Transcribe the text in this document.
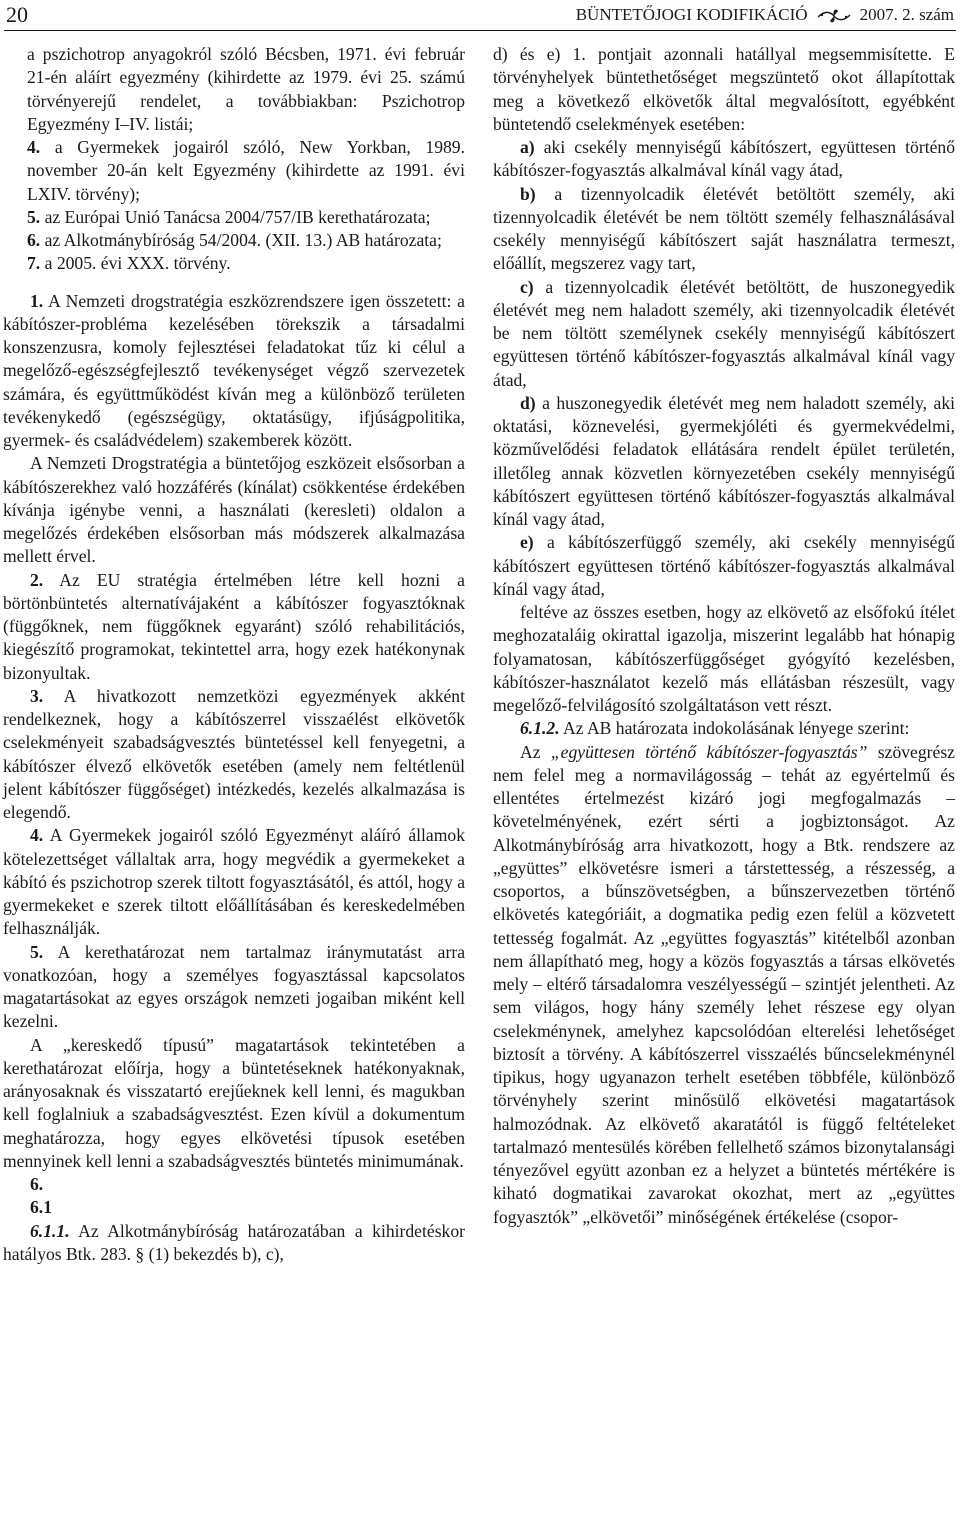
20	BÜNTETŐJOGI KODIFIKÁCIÓ	2007. 2. szám

a pszichotrop anyagokról szóló Bécsben, 1971. évi február 21-én aláírt egyezmény (kihirdette az 1979. évi 25. számú törvényerejű rendelet, a továbbiakban: Pszichotrop Egyezmény I–IV. listái;

4. a Gyermekek jogairól szóló, New Yorkban, 1989. november 20-án kelt Egyezmény (kihirdette az 1991. évi LXIV. törvény);

5. az Európai Unió Tanácsa 2004/757/IB kerethatározata;

6. az Alkotmánybíróság 54/2004. (XII. 13.) AB határozata;

7. a 2005. évi XXX. törvény.

1. A Nemzeti drogstratégia eszközrendszere igen összetett: a kábítószer-probléma kezelésében törekszik a társadalmi konszenzusra, komoly fejlesztései feladatokat tűz ki célul a megelőző-egészségfejlesztő tevékenységet végző szervezetek számára, és együttműködést kíván meg a különböző területen tevékenykedő (egészségügy, oktatásügy, ifjúságpolitika, gyermek- és családvédelem) szakemberek között.

A Nemzeti Drogstratégia a büntetőjog eszközeit elsősorban a kábítószerekhez való hozzáférés (kínálat) csökkentése érdekében kívánja igénybe venni, a használati (keresleti) oldalon a megelőzés érdekében elsősorban más módszerek alkalmazása mellett érvel.

2. Az EU stratégia értelmében létre kell hozni a börtönbüntetés alternatívájaként a kábítószer fogyasztóknak (függőknek, nem függőknek egyaránt) szóló rehabilitációs, kiegészítő programokat, tekintettel arra, hogy ezek hatékonynak bizonyultak.

3. A hivatkozott nemzetközi egyezmények akként rendelkeznek, hogy a kábítószerrel visszaélést elkövetők cselekményeit szabadságvesztés büntetéssel kell fenyegetni, a kábítószer élvező elkövetők esetében (amely nem feltétlenül jelent kábítószer függőséget) intézkedés, kezelés alkalmazása is elegendő.

4. A Gyermekek jogairól szóló Egyezményt aláíró államok kötelezettséget vállaltak arra, hogy megvédik a gyermekeket a kábító és pszichotrop szerek tiltott fogyasztásától, és attól, hogy a gyermekeket e szerek tiltott előállításában és kereskedelmében felhasználják.

5. A kerethatározat nem tartalmaz iránymutatást arra vonatkozóan, hogy a személyes fogyasztással kapcsolatos magatartásokat az egyes országok nemzeti jogaiban miként kell kezelni.

A „kereskedő típusú” magatartások tekintetében a kerethatározat előírja, hogy a büntetéseknek hatékonyaknak, arányosaknak és visszatartó erejűeknek kell lenni, és magukban kell foglalniuk a szabadságvesztést. Ezen kívül a dokumentum meghatározza, hogy egyes elkövetési típusok esetében mennyinek kell lenni a szabadságvesztés büntetés minimumának.

6.

6.1

6.1.1. Az Alkotmánybíróság határozatában a kihirdetéskor hatályos Btk. 283. § (1) bekezdés b), c),

d) és e) 1. pontjait azonnali hatállyal megsemmisítette. E törvényhelyek büntethetőséget megszüntető okot állapítottak meg a következő elkövetők által megvalósított, egyébként büntetendő cselekmények esetében:

a) aki csekély mennyiségű kábítószert, együttesen történő kábítószer-fogyasztás alkalmával kínál vagy átad,

b) a tizennyolcadik életévét betöltött személy, aki tizennyolcadik életévét be nem töltött személy felhasználásával csekély mennyiségű kábítószert saját használatra termeszt, előállít, megszerez vagy tart,

c) a tizennyolcadik életévét betöltött, de huszonegyedik életévét meg nem haladott személy, aki tizennyolcadik életévét be nem töltött személynek csekély mennyiségű kábítószert együttesen történő kábítószer-fogyasztás alkalmával kínál vagy átad,

d) a huszonegyedik életévét meg nem haladott személy, aki oktatási, köznevelési, gyermekjóléti és gyermekvédelmi, közművelődési feladatok ellátására rendelt épület területén, illetőleg annak közvetlen környezetében csekély mennyiségű kábítószert együttesen történő kábítószer-fogyasztás alkalmával kínál vagy átad,

e) a kábítószerfüggő személy, aki csekély mennyiségű kábítószert együttesen történő kábítószer-fogyasztás alkalmával kínál vagy átad,

feltéve az összes esetben, hogy az elkövető az elsőfokú ítélet meghozataláig okirattal igazolja, miszerint legalább hat hónapig folyamatosan, kábítószerfüggőséget gyógyító kezelésben, kábítószer-használatot kezelő más ellátásban részesült, vagy megelőző-felvilágosító szolgáltatáson vett részt.

6.1.2. Az AB határozata indokolásának lényege szerint:

Az „együttesen történő kábítószer-fogyasztás” szövegrész nem felel meg a normavilágosság – tehát az egyértelmű és ellentétes értelmezést kizáró jogi megfogalmazás – követelményének, ezért sérti a jogbiztonságot. Az Alkotmánybíróság arra hivatkozott, hogy a Btk. rendszere az „együttes” elkövetésre ismeri a társtettesség, a részesség, a csoportos, a bűnszövetségben, a bűnszervezetben történő elkövetés kategóriáit, a dogmatika pedig ezen felül a közvetett tettesség fogalmát. Az „együttes fogyasztás” kitételből azonban nem állapítható meg, hogy a közös fogyasztás a társas elkövetés mely – eltérő társadalomra veszélyességű – szintjét jelentheti. Az sem világos, hogy hány személy lehet részese egy olyan cselekménynek, amelyhez kapcsolódóan elterelési lehetőséget biztosít a törvény. A kábítószerrel visszaélés bűncselekménynél tipikus, hogy ugyanazon terhelt esetében többféle, különböző törvényhely szerint minősülő elkövetési magatartások halmozódnak. Az elkövető akaratától is függő feltételeket tartalmazó mentesülés körében fellelhető számos bizonytalansági tényezővel együtt azonban ez a helyzet a büntetés mértékére is kiható dogmatikai zavarokat okozhat, mert az „együttes fogyasztók” „elkövetői” minőségének értékelése (csopor-
